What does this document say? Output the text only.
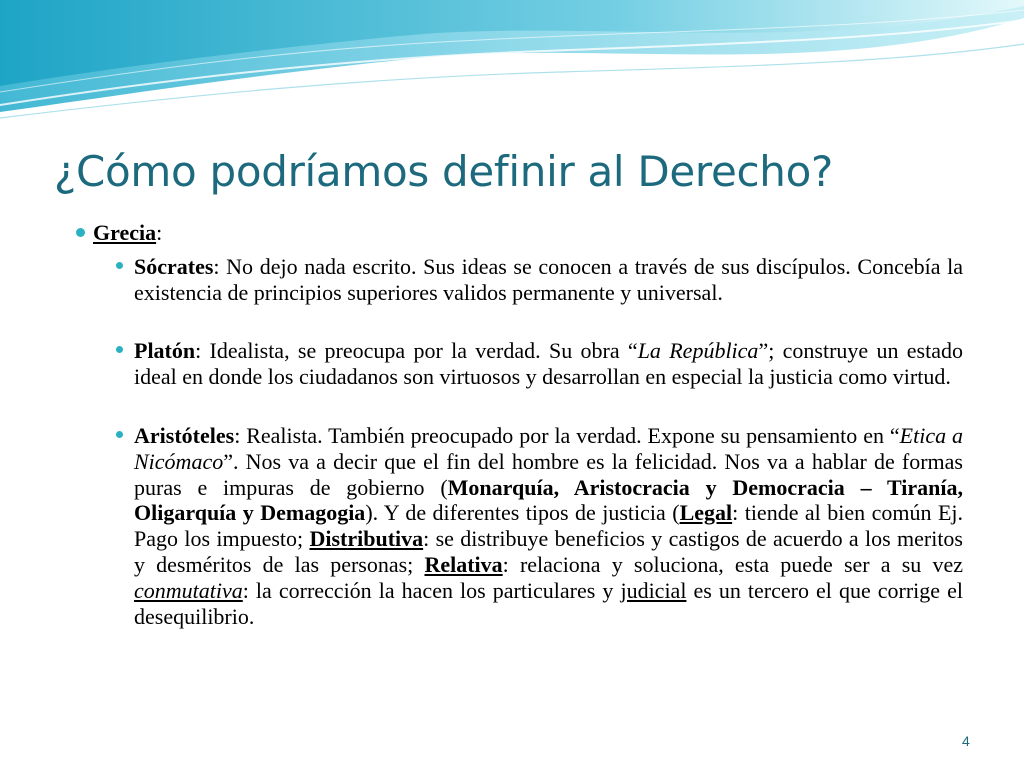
¿Cómo podríamos definir al Derecho?
Grecia:
Sócrates: No dejo nada escrito. Sus ideas se conocen a través de sus discípulos. Concebía la existencia de principios superiores validos permanente y universal.
Platón: Idealista, se preocupa por la verdad. Su obra “La República”; construye un estado ideal en donde los ciudadanos son virtuosos y desarrollan en especial la justicia como virtud.
Aristóteles: Realista. También preocupado por la verdad. Expone su pensamiento en “Etica a Nicómaco”. Nos va a decir que el fin del hombre es la felicidad. Nos va a hablar de formas puras e impuras de gobierno (Monarquía, Aristocracia y Democracia – Tiranía, Oligarquía y Demagogia). Y de diferentes tipos de justicia (Legal: tiende al bien común Ej. Pago los impuesto; Distributiva: se distribuye beneficios y castigos de acuerdo a los meritos y desméritos de las personas; Relativa: relaciona y soluciona, esta puede ser a su vez conmutativa: la corrección la hacen los particulares y judicial es un tercero el que corrige el desequilibrio.
4
